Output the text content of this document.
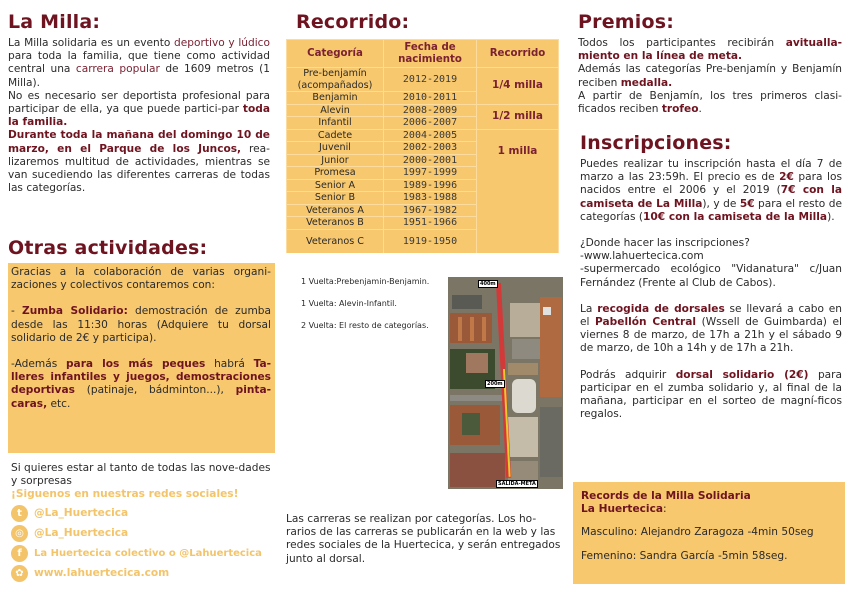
La Milla:

La Milla solidaria es un evento deportivo y lúdico para toda la familia, que tiene como actividad central una carrera popular de 1609 metros (1 Milla).

No es necesario ser deportista profesional para participar de ella, ya que puede partici-par toda la familia.

Durante toda la mañana del domingo 10 de marzo, en el Parque de los Juncos, rea-lizaremos multitud de actividades, mientras se van sucediendo las diferentes carreras de todas las categorías.

Otras actividades:

Gracias a la colaboración de varias organi-zaciones y colectivos contaremos con:

- Zumba Solidario: demostración de zumba desde las 11:30 horas (Adquiere tu dorsal solidario de 2€ y participa).

-Además para los más peques habrá Ta-lleres infantiles y juegos, demostraciones deportivas (patinaje, bádminton...), pinta-caras, etc.

Si quieres estar al tanto de todas las nove-dades y sorpresas

¡Siguenos en nuestras redes sociales!

t	@La_Huertecica
◎ @La_Huertecica
f	La Huertecica colectivo o @Lahuertecica
✿ www.lahuertecica.com
Recorrido:
Categoría	Fecha de nacimiento	Recorrido
Pre-benjamín (acompañados)	2012-2019	1/4 milla
Benjamin	2010-2011	
Alevin	2008-2009	1/2 milla
Infantil	2006-2007	
Cadete	2004-2005	1 milla
Juvenil	2002-2003	
Junior	2000-2001	
Promesa	1997-1999	
Senior A	1989-1996	
Senior B	1983-1988	
Veteranos A	1967-1982	
Veteranos B	1951-1966	
Veteranos C	1919-1950	

1 Vuelta:Prebenjamin-Benjamin.

1 Vuelta: Alevin-Infantil.

2 Vuelta: El resto de categorías.

Las carreras se realizan por categorías. Los ho-rarios de las carreras se publicarán en la web y las redes sociales de la Huertecica, y serán entregados junto al dorsal.
400m
200m
SALIDA-META
Premios:

Todos los participantes recibirán avitualla-miento en la línea de meta.

Además las categorías Pre-benjamín y Benjamín reciben medalla.

A partir de Benjamín, los tres primeros clasi-ficados reciben trofeo.

Inscripciones:

Puedes realizar tu inscripción hasta el día 7 de marzo a las 23:59h. El precio es de 2€ para los nacidos entre el 2006 y el 2019 (7€ con la camiseta de La Milla), y de 5€ para el resto de categorías (10€ con la camiseta de la Milla).

¿Donde hacer las inscripciones?

-www.lahuertecica.com

-supermercado ecológico "Vidanatura" c/Juan Fernández (Frente al Club de Cabos).

La recogida de dorsales se llevará a cabo en el Pabellón Central (Wssell de Guimbarda) el viernes 8 de marzo, de 17h a 21h y el sábado 9 de marzo, de 10h a 14h y de 17h a 21h.

Podrás adquirir dorsal solidario (2€) para participar en el zumba solidario y, al final de la mañana, participar en el sorteo de magní-ficos regalos.

Records de la Milla Solidaria

La Huertecica:

Masculino: Alejandro Zaragoza -4min 50seg

Femenino: Sandra García -5min 58seg.
